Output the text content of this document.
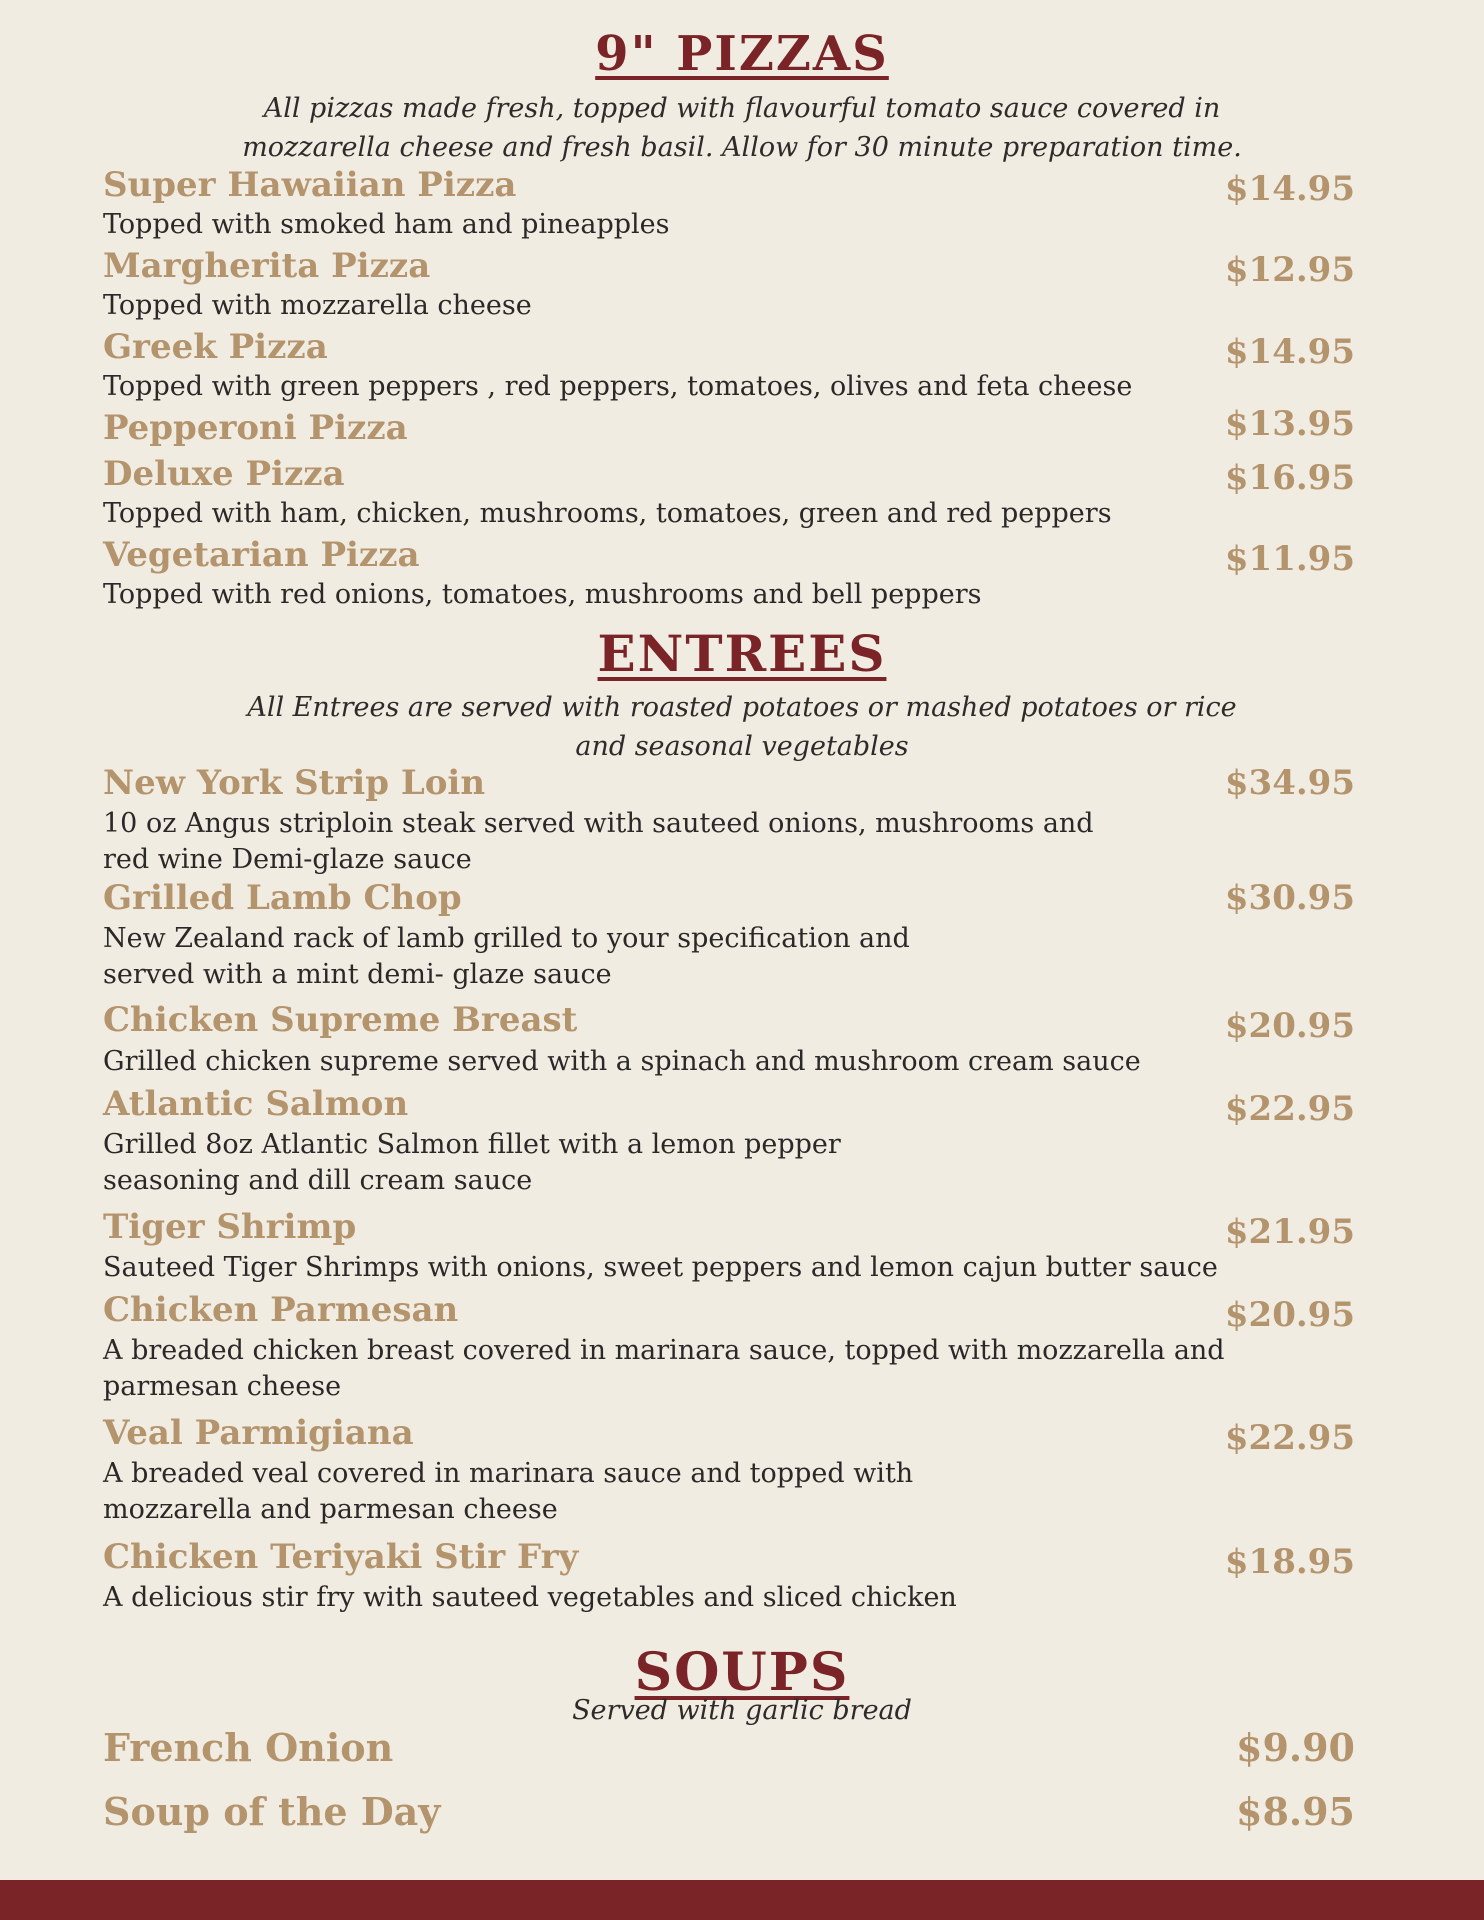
9" PIZZAS

All pizzas made fresh, topped with flavourful tomato sauce covered in
mozzarella cheese and fresh basil. Allow for 30 minute preparation time.

Super Hawaiian Pizza	$14.95
Topped with smoked ham and pineapples
Margherita Pizza	$12.95
Topped with mozzarella cheese
Greek Pizza	$14.95
Topped with green peppers , red peppers, tomatoes, olives and feta cheese
Pepperoni Pizza	$13.95
Deluxe Pizza	$16.95
Topped with ham, chicken, mushrooms, tomatoes, green and red peppers
Vegetarian Pizza	$11.95
Topped with red onions, tomatoes, mushrooms and bell peppers
ENTREES

All Entrees are served with roasted potatoes or mashed potatoes or rice
and seasonal vegetables

New York Strip Loin	$34.95
10 oz Angus striploin steak served with sauteed onions, mushrooms and
red wine Demi-glaze sauce
Grilled Lamb Chop	$30.95
New Zealand rack of lamb grilled to your specification and
served with a mint demi- glaze sauce
Chicken Supreme Breast	$20.95
Grilled chicken supreme served with a spinach and mushroom cream sauce
Atlantic Salmon	$22.95
Grilled 8oz Atlantic Salmon fillet with a lemon pepper
seasoning and dill cream sauce
Tiger Shrimp	$21.95
Sauteed Tiger Shrimps with onions, sweet peppers and lemon cajun butter sauce
Chicken Parmesan	$20.95
A breaded chicken breast covered in marinara sauce, topped with mozzarella and
parmesan cheese
Veal Parmigiana	$22.95
A breaded veal covered in marinara sauce and topped with
mozzarella and parmesan cheese
Chicken Teriyaki Stir Fry	$18.95
A delicious stir fry with sauteed vegetables and sliced chicken
SOUPS

Served with garlic bread

French Onion	$9.90
Soup of the Day	$8.95
